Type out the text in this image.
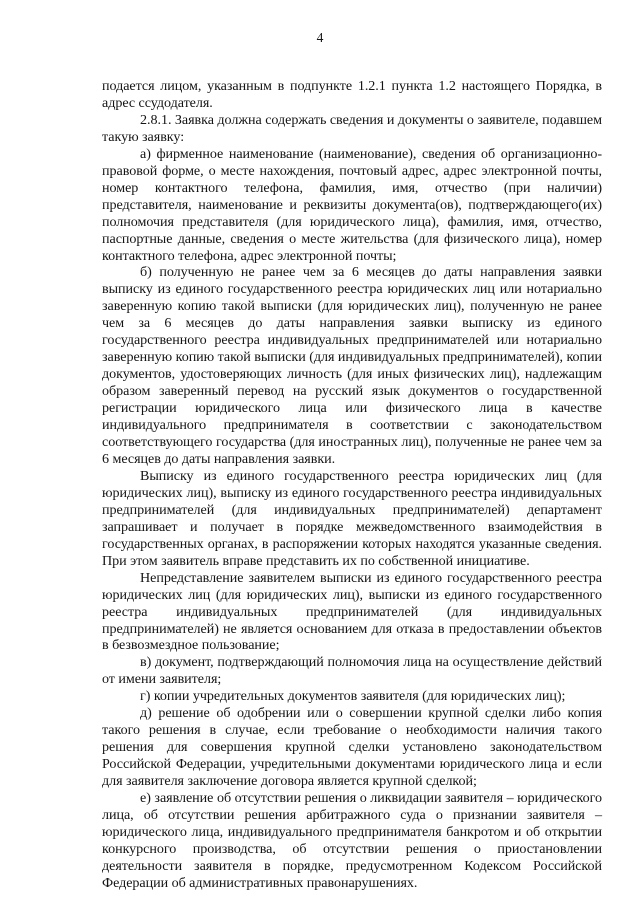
4

подается лицом, указанным в подпункте 1.2.1 пункта 1.2 настоящего Порядка, в адрес ссудодателя.

2.8.1. Заявка должна содержать сведения и документы о заявителе, подавшем такую заявку:

а) фирменное наименование (наименование), сведения об организационно-правовой форме, о месте нахождения, почтовый адрес, адрес электронной почты, номер контактного телефона, фамилия, имя, отчество (при наличии) представителя, наименование и реквизиты документа(ов), подтверждающего(их) полномочия представителя (для юридического лица), фамилия, имя, отчество, паспортные данные, сведения о месте жительства (для физического лица), номер контактного телефона, адрес электронной почты;

б) полученную не ранее чем за 6 месяцев до даты направления заявки выписку из единого государственного реестра юридических лиц или нотариально заверенную копию такой выписки (для юридических лиц), полученную не ранее чем за 6 месяцев до даты направления заявки выписку из единого государственного реестра индивидуальных предпринимателей или нотариально заверенную копию такой выписки (для индивидуальных предпринимателей), копии документов, удостоверяющих личность (для иных физических лиц), надлежащим образом заверенный перевод на русский язык документов о государственной регистрации юридического лица или физического лица в качестве индивидуального предпринимателя в соответствии с законодательством соответствующего государства (для иностранных лиц), полученные не ранее чем за 6 месяцев до даты направления заявки.

Выписку из единого государственного реестра юридических лиц (для юридических лиц), выписку из единого государственного реестра индивидуальных предпринимателей (для индивидуальных предпринимателей) департамент запрашивает и получает в порядке межведомственного взаимодействия в государственных органах, в распоряжении которых находятся указанные сведения. При этом заявитель вправе представить их по собственной инициативе.

Непредставление заявителем выписки из единого государственного реестра юридических лиц (для юридических лиц), выписки из единого государственного реестра индивидуальных предпринимателей (для индивидуальных предпринимателей) не является основанием для отказа в предоставлении объектов в безвозмездное пользование;

в) документ, подтверждающий полномочия лица на осуществление действий от имени заявителя;

г) копии учредительных документов заявителя (для юридических лиц);

д) решение об одобрении или о совершении крупной сделки либо копия такого решения в случае, если требование о необходимости наличия такого решения для совершения крупной сделки установлено законодательством Российской Федерации, учредительными документами юридического лица и если для заявителя заключение договора является крупной сделкой;

е) заявление об отсутствии решения о ликвидации заявителя – юридического лица, об отсутствии решения арбитражного суда о признании заявителя – юридического лица, индивидуального предпринимателя банкротом и об открытии конкурсного производства, об отсутствии решения о приостановлении деятельности заявителя в порядке, предусмотренном Кодексом Российской Федерации об административных правонарушениях.
